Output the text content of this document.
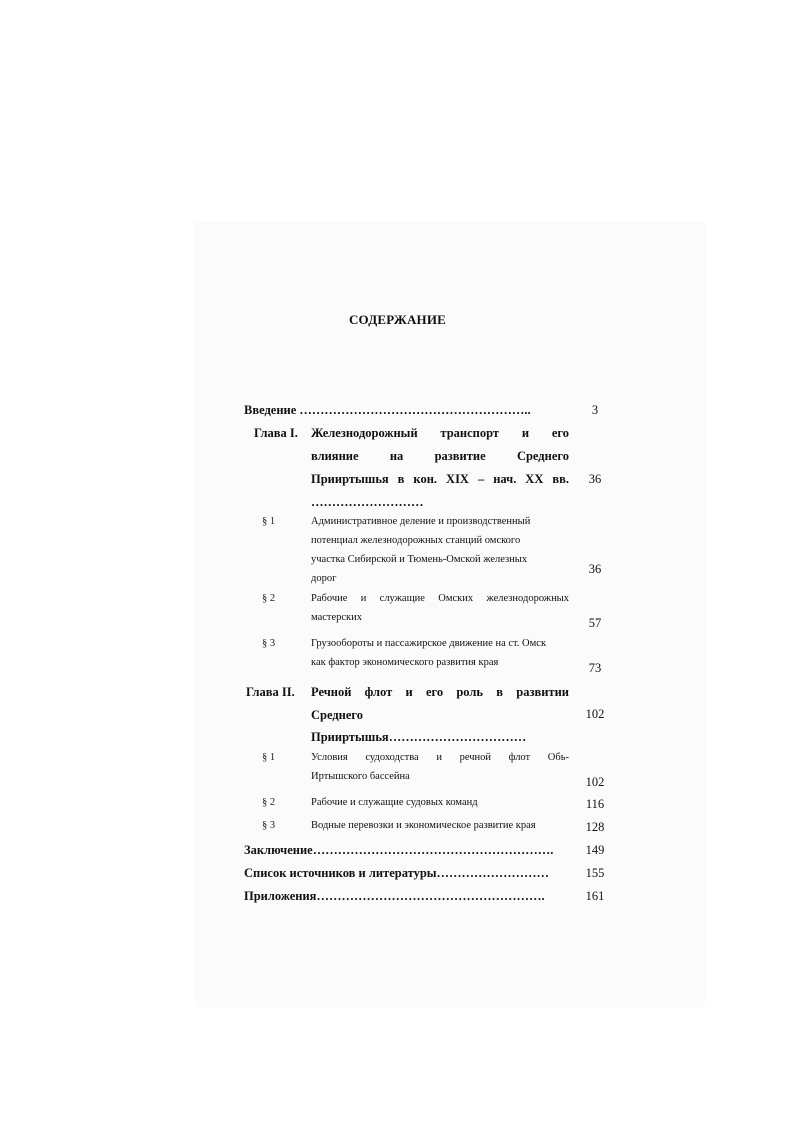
СОДЕРЖАНИЕ
Введение ………………………………………………..	3
Глава I. Железнодорожный транспорт и его
влияние на развитие Среднего
Прииртышья в кон. XIX – нач. XX вв.
………………………
36
§ 1	Административное деление и производственный
потенциал железнодорожных станций омского
участка Сибирской и Тюмень-Омской железных
дорог
36
§ 2	Рабочие и служащие Омских железнодорожных
мастерских	57
§ 3	Грузообороты и пассажирское движение на ст. Омск
как фактор экономического развития края	73
Глава II. Речной флот и его роль в развитии
Среднего
Прииртышья……………………………
102
§ 1	Условия судоходства и речной флот Обь-
Иртышского бассейна	102
§ 2	Рабочие и служащие судовых команд	116
§ 3	Водные перевозки и экономическое развитие края	128
Заключение………………………………………………….	149
Список источников и литературы………………………	155
Приложения……………………………………………….	161
